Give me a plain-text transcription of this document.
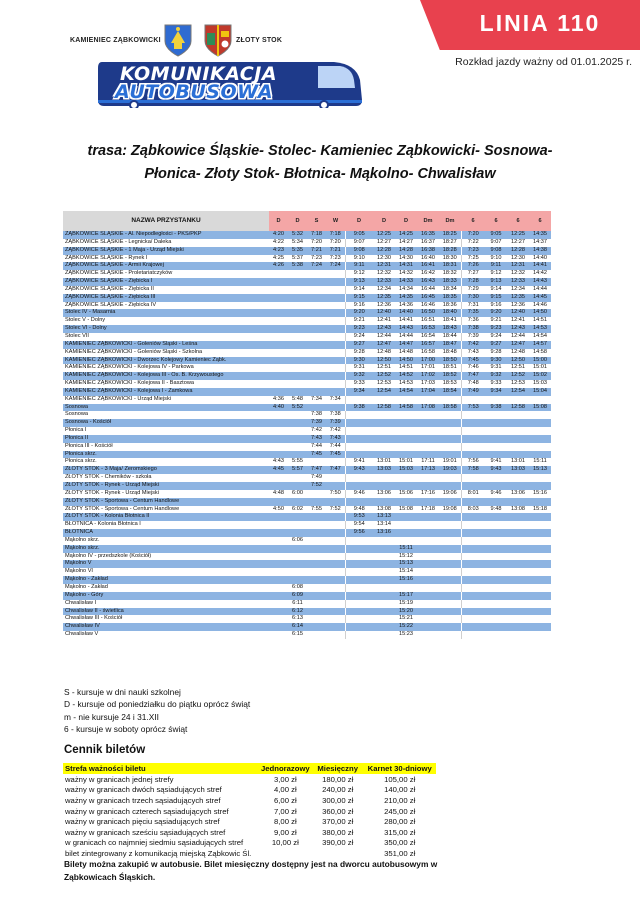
LINIA 110
Rozkład jazdy ważny od 01.01.2025 r.
KAMIENIEC ZĄBKOWICKI	ZŁOTY STOK
KOMUNIKACJA
AUTOBUSOWA
trasa: Ząbkowice Śląskie- Stolec- Kamieniec Ząbkowicki- Sosnowa-
Płonica- Złoty Stok- Błotnica- Mąkolno- Chwalisław
NAZWA PRZYSTANKU	D	D	S	W	D	D	D	Dm	Dm	6	6	6	6
ZĄBKOWICE ŚLĄSKIE - Al. Niepodległości - PKS/PKP	4:20	5:32	7:18	7:18	9:05	12:25	14:25	16:35	18:25	7:20	9:05	12:25	14:35
ZĄBKOWICE ŚLĄSKIE - Legnicka/ Daleka	4:22	5:34	7:20	7:20	9:07	12:27	14:27	16:37	18:27	7:22	9:07	12:27	14:37
ZĄBKOWICE ŚLĄSKIE - 1 Maja - Urząd Miejski	4:23	5:35	7:21	7:21	9:08	12:28	14:28	16:38	18:28	7:23	9:08	12:28	14:38
ZĄBKOWICE ŚLĄSKIE - Rynek I	4:25	5:37	7:23	7:23	9:10	12:30	14:30	16:40	18:30	7:25	9:10	12:30	14:40
ZĄBKOWICE ŚLĄSKIE - Armii Krajowej	4:26	5:38	7:24	7:24	9:11	12:31	14:31	16:41	18:31	7:26	9:11	12:31	14:41
ZĄBKOWICE ŚLĄSKIE - Proletariatczyków					9:12	12:32	14:32	16:42	18:32	7:27	9:12	12:32	14:42
ZĄBKOWICE ŚLĄSKIE - Ziębicka I					9:13	12:33	14:33	16:43	18:33	7:28	9:13	12:33	14:43
ZĄBKOWICE ŚLĄSKIE - Ziębicka II					9:14	12:34	14:34	16:44	18:34	7:29	9:14	12:34	14:44
ZĄBKOWICE ŚLĄSKIE - Ziębicka III					9:15	12:35	14:35	16:45	18:35	7:30	9:15	12:35	14:45
ZĄBKOWICE ŚLĄSKIE - Ziębicka IV					9:16	12:36	14:36	16:46	18:36	7:31	9:16	12:36	14:46
Stolec IV - Masarnia					9:20	12:40	14:40	16:50	18:40	7:35	9:20	12:40	14:50
Stolec V - Dolny					9:21	12:41	14:41	16:51	18:41	7:36	9:21	12:41	14:51
Stolec VI - Dolny					9:23	12:43	14:43	16:53	18:43	7:38	9:23	12:43	14:53
Stolec VII					9:24	12:44	14:44	16:54	18:44	7:39	9:24	12:44	14:54
KAMIENIEC ZĄBKOWICKI - Goleniów Śląski - Leśna					9:27	12:47	14:47	16:57	18:47	7:42	9:27	12:47	14:57
KAMIENIEC ZĄBKOWICKI - Goleniów Śląski - Szkolna					9:28	12:48	14:48	16:58	18:48	7:43	9:28	12:48	14:58
KAMIENIEC ZĄBKOWICKI - Dworzec Kolejowy Kamieniec Ząbk.					9:30	12:50	14:50	17:00	18:50	7:45	9:30	12:50	15:00
KAMIENIEC ZĄBKOWICKI - Kolejowa IV - Parkowa					9:31	12:51	14:51	17:01	18:51	7:46	9:31	12:51	15:01
KAMIENIEC ZĄBKOWICKI - Kolejowa III - Os. B. Krzywoustego					9:32	12:52	14:52	17:02	18:52	7:47	9:32	12:52	15:02
KAMIENIEC ZĄBKOWICKI - Kolejowa II - Basztowa					9:33	12:53	14:53	17:03	18:53	7:48	9:33	12:53	15:03
KAMIENIEC ZĄBKOWICKI - Kolejowa I - Zamkowa					9:34	12:54	14:54	17:04	18:54	7:49	9:34	12:54	15:04
KAMIENIEC ZĄBKOWICKI - Urząd Miejski	4:36	5:48	7:34	7:34									
Sosnowa	4:40	5:52			9:38	12:58	14:58	17:08	18:58	7:53	9:38	12:58	15:08
Sosnowa			7:38	7:38									
Sosnowa - Kościół			7:39	7:39									
Płonica I			7:42	7:42									
Płonica II			7:43	7:43									
Płonica III - Kościół			7:44	7:44									
Płonica skrz.			7:45	7:45									
Płonica skrz.	4:43	5:55			9:41	13:01	15:01	17:11	19:01	7:56	9:41	13:01	15:11
ZŁOTY STOK - 3 Maja/ Żeromskiego	4:45	5:57	7:47	7:47	9:43	13:03	15:03	17:13	19:03	7:58	9:43	13:03	15:13
ZŁOTY STOK - Chemików - szkoła			7:49										
ZŁOTY STOK - Rynek - Urząd Miejski			7:52										
ZŁOTY STOK - Rynek - Urząd Miejski	4:48	6:00		7:50	9:46	13:06	15:06	17:16	19:06	8:01	9:46	13:06	15:16
ZŁOTY STOK - Sportowa - Centum Handlowe													
ZŁOTY STOK - Sportowa - Centum Handlowe	4:50	6:02	7:55	7:52	9:48	13:08	15:08	17:18	19:08	8:03	9:48	13:08	15:18
ZŁOTY STOK - Kolonia Błotnica II					9:53	13:13							
BŁOTNICA - Kolonia Błotnica I					9:54	13:14							
BŁOTNICA					9:56	13:16							
Mąkolno skrz.		6:06											
Mąkolno skrz.							15:11						
Mąkolno IV - przedszkole (Kościół)							15:12						
Mąkolno V							15:13						
Mąkolno VI							15:14						
Mąkolno - Zakład							15:16						
Mąkolno - Zakład		6:08											
Mąkolno - Góry		6:09					15:17						
Chwalisław I		6:11					15:19						
Chwalisław II - świetlica		6:12					15:20						
Chwalisław III - Kościół		6:13					15:21						
Chwalisław IV		6:14					15:22						
Chwalisław V		6:15					15:23						
S - kursuje w dni nauki szkolnej
D - kursuje od poniedziałku do piątku oprócz świąt
m - nie kursuje 24 i 31.XII
6 - kursuje w soboty oprócz świąt
Cennik biletów
Strefa ważności biletu	Jednorazowy	Miesięczny	Karnet 30-dniowy
ważny w granicach jednej strefy	3,00 zł	180,00 zł	105,00 zł
ważny w granicach dwóch sąsiadujących stref	4,00 zł	240,00 zł	140,00 zł
ważny w granicach trzech sąsiadujących stref	6,00 zł	300,00 zł	210,00 zł
ważny w granicach czterech sąsiadujących stref	7,00 zł	360,00 zł	245,00 zł
ważny w granicach pięciu sąsiadujących stref	8,00 zł	370,00 zł	280,00 zł
ważny w granicach sześciu sąsiadujących stref	9,00 zł	380,00 zł	315,00 zł
w granicach co najmniej siedmiu sąsiadujących stref	10,00 zł	390,00 zł	350,00 zł
bilet zintegrowany z komunikacją miejską Ząbkowic Śl.			351,00 zł
Bilety można zakupić w autobusie. Bilet miesięczny dostępny jest na dworcu autobusowym w Ząbkowicach Śląskich.
